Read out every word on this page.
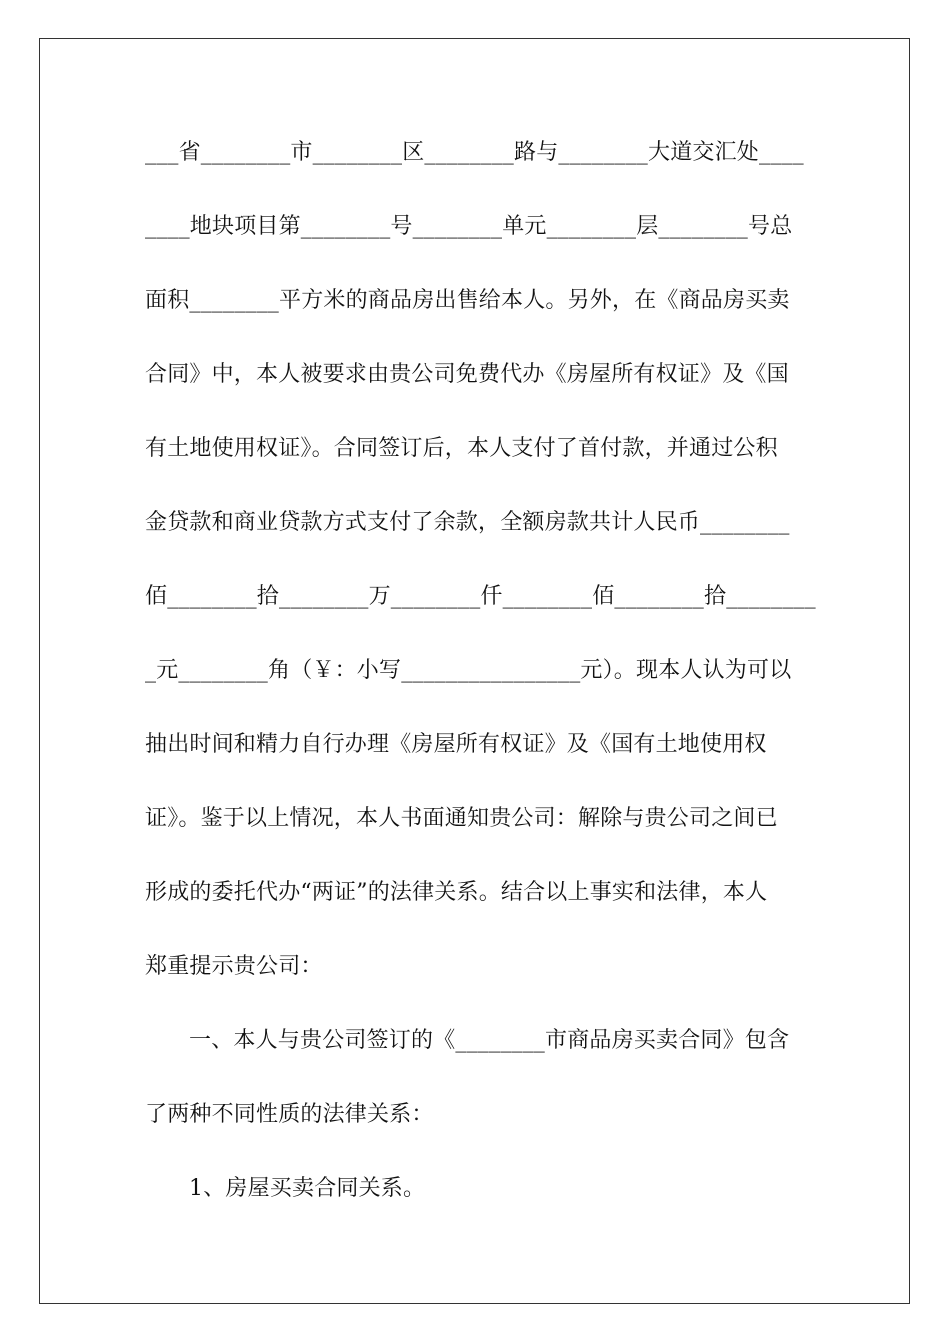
___省________市________区________路与________大道交汇处____
____地块项目第________号________单元________层________号总
面积________平方米的商品房出售给本人。另外，在《商品房买卖
合同》中，本人被要求由贵公司免费代办《房屋所有权证》及《国
有土地使用权证》。合同签订后，本人支付了首付款，并通过公积
金贷款和商业贷款方式支付了余款，全额房款共计人民币________
佰________拾________万________仟________佰________拾________
_元________角（￥：小写________________元）。现本人认为可以
抽出时间和精力自行办理《房屋所有权证》及《国有土地使用权
证》。鉴于以上情况，本人书面通知贵公司：解除与贵公司之间已
形成的委托代办“两证”的法律关系。结合以上事实和法律，本人
郑重提示贵公司：
一、本人与贵公司签订的《________市商品房买卖合同》包含
了两种不同性质的法律关系：
1、房屋买卖合同关系。
